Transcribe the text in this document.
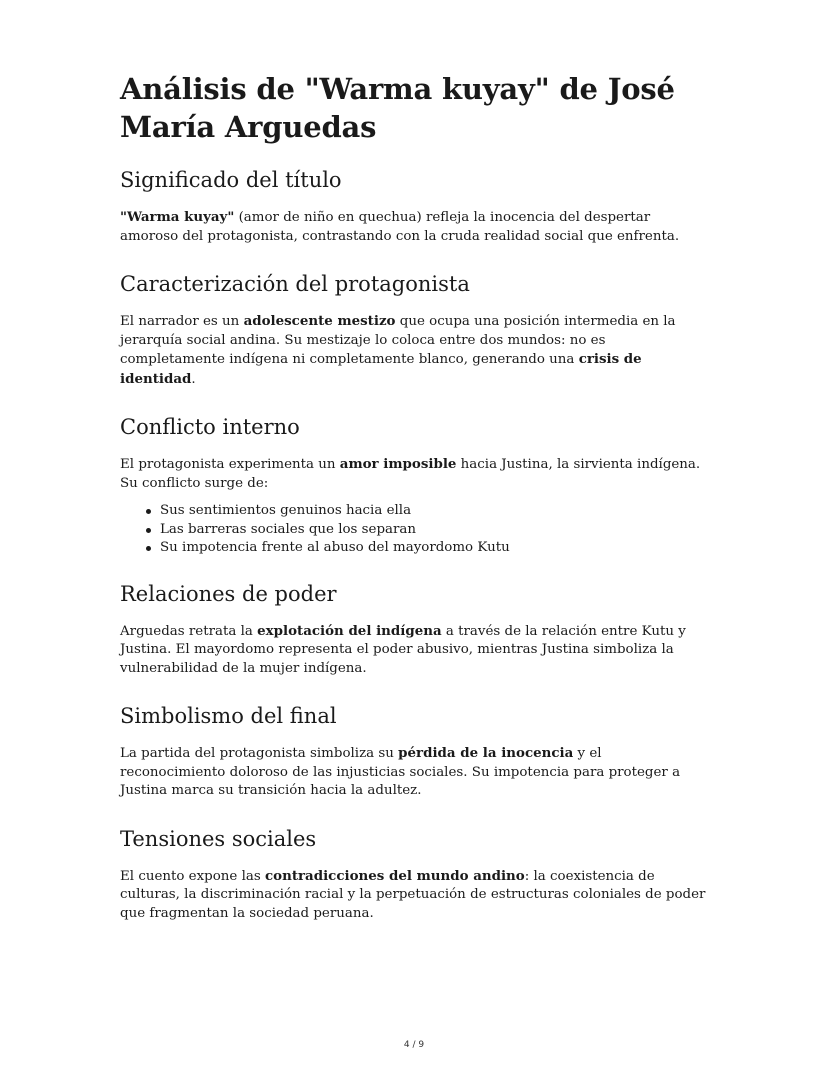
Análisis de "Warma kuyay" de José María Arguedas
Significado del título

"Warma kuyay" (amor de niño en quechua) refleja la inocencia del despertar amoroso del protagonista, contrastando con la cruda realidad social que enfrenta.

Caracterización del protagonista

El narrador es un adolescente mestizo que ocupa una posición intermedia en la jerarquía social andina. Su mestizaje lo coloca entre dos mundos: no es completamente indígena ni completamente blanco, generando una crisis de identidad.

Conflicto interno

El protagonista experimenta un amor imposible hacia Justina, la sirvienta indígena. Su conflicto surge de:

Sus sentimientos genuinos hacia ella
Las barreras sociales que los separan
Su impotencia frente al abuso del mayordomo Kutu
Relaciones de poder

Arguedas retrata la explotación del indígena a través de la relación entre Kutu y Justina. El mayordomo representa el poder abusivo, mientras Justina simboliza la vulnerabilidad de la mujer indígena.

Simbolismo del final

La partida del protagonista simboliza su pérdida de la inocencia y el reconocimiento doloroso de las injusticias sociales. Su impotencia para proteger a Justina marca su transición hacia la adultez.

Tensiones sociales

El cuento expone las contradicciones del mundo andino: la coexistencia de culturas, la discriminación racial y la perpetuación de estructuras coloniales de poder que fragmentan la sociedad peruana.

4 / 9
